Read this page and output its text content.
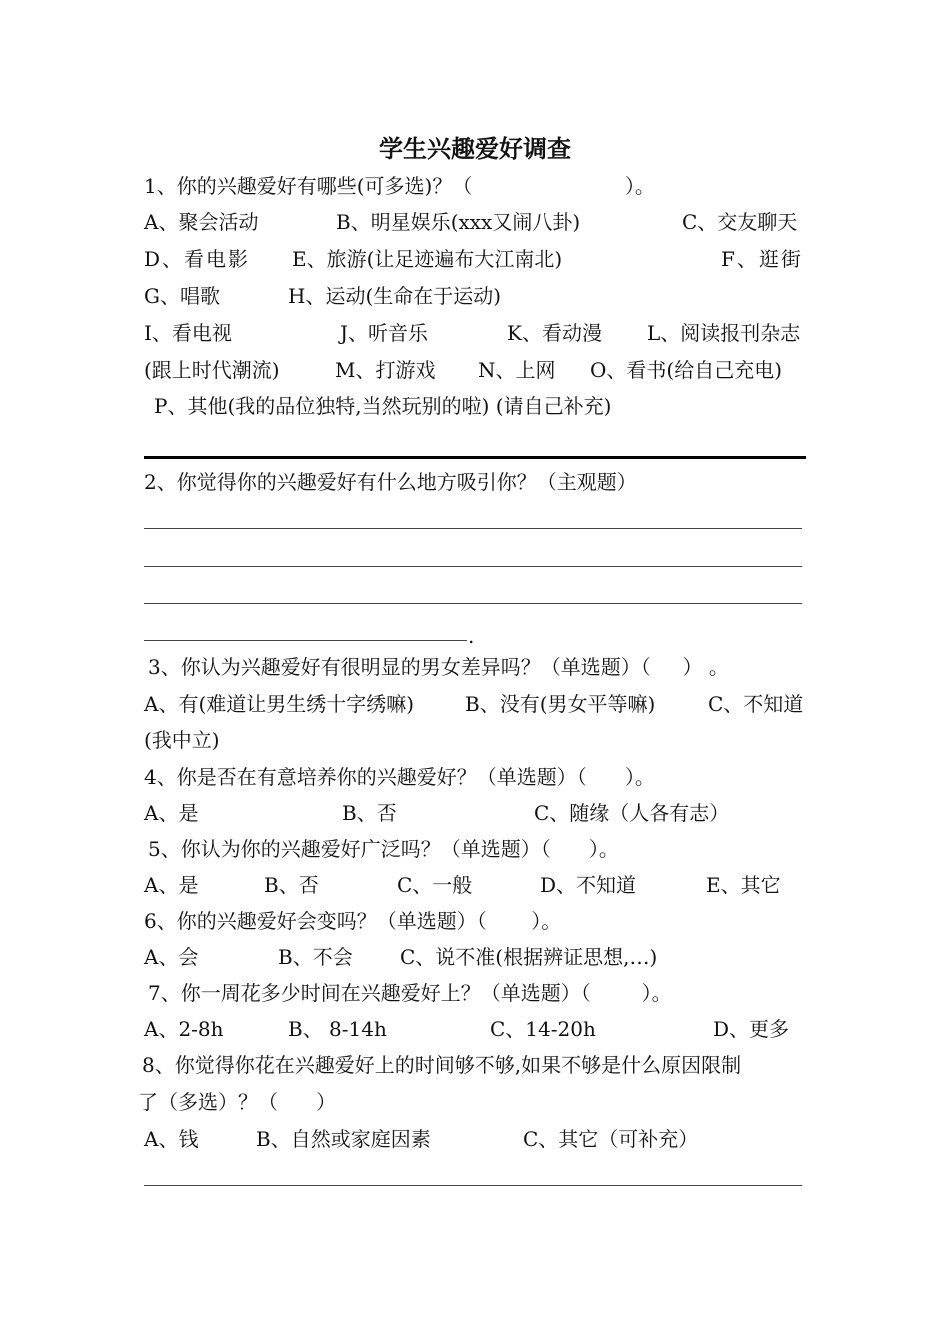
学生兴趣爱好调查

1、你的兴趣爱好有哪些(可多选)？（                        ）。

A、聚会活动

	B、明星娱乐(xxx又闹八卦)

	C、交友聊天

D、看电影

E、旅游(让足迹遍布大江南北)

	F、逛街

G、唱歌

	H、运动(生命在于运动)

I、看电视

	J、听音乐

	K、看动漫

L、阅读报刊杂志

(跟上时代潮流)

	M、打游戏

N、上网

O、看书(给自己充电)

P、其他(我的品位独特,当然玩别的啦) (请自己补充)

2、你觉得你的兴趣爱好有什么地方吸引你？（主观题）

.

3、你认为兴趣爱好有很明显的男女差异吗？（单选题）（     ） 。

A、有(难道让男生绣十字绣嘛)

	B、没有(男女平等嘛)

	C、不知道

(我中立)

4、你是否在有意培养你的兴趣爱好？（单选题）（      ）。

A、是

	B、否

	C、随缘（人各有志）

5、你认为你的兴趣爱好广泛吗？（单选题）（      ）。

A、是

	B、否

	C、一般

	D、不知道

	E、其它

6、你的兴趣爱好会变吗？（单选题）（       ）。

A、会

	B、不会

C、说不准(根据辨证思想,…)

7、你一周花多少时间在兴趣爱好上？（单选题）（        ）。

A、2-8h

	B、 8-14h

	C、14-20h

	D、更多

8、你觉得你花在兴趣爱好上的时间够不够,如果不够是什么原因限制

了（多选）？（      ）

A、钱

	B、自然或家庭因素

	C、其它（可补充）
